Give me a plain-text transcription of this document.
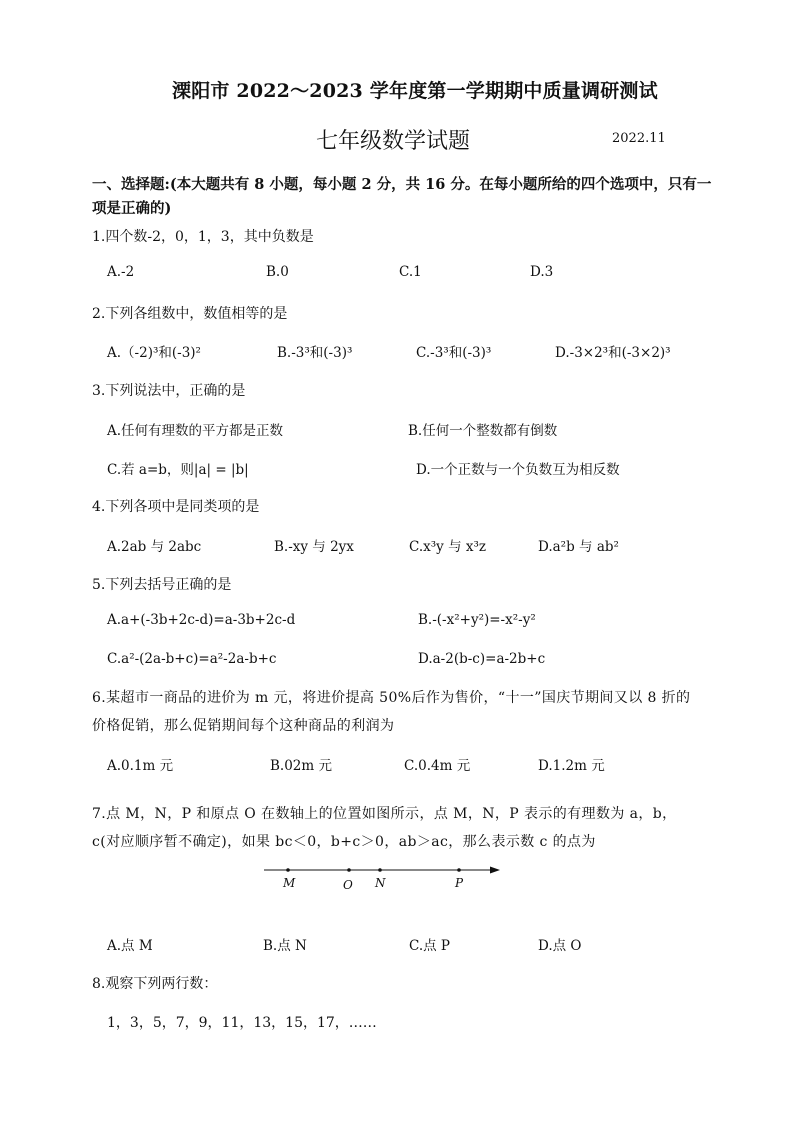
溧阳市 2022～2023 学年度第一学期期中质量调研测试
七年级数学试题	2022.11
一、选择题:(本大题共有 8 小题，每小题 2 分，共 16 分。在每小题所给的四个选项中，只有一项是正确的)
1.四个数-2，0，1，3，其中负数是
A.-2	B.0	C.1	D.3
2.下列各组数中，数值相等的是
A.（-2)³和(-3)²	B.-3³和(-3)³	C.-3³和(-3)³	D.-3×2³和(-3×2)³
3.下列说法中，正确的是
A.任何有理数的平方都是正数	B.任何一个整数都有倒数
C.若 a=b，则|a| = |b|	D.一个正数与一个负数互为相反数
4.下列各项中是同类项的是
A.2ab 与 2abc	B.-xy 与 2yx	C.x³y 与 x³z	D.a²b 与 ab²
5.下列去括号正确的是
A.a+(-3b+2c-d)=a-3b+2c-d	B.-(-x²+y²)=-x²-y²
C.a²-(2a-b+c)=a²-2a-b+c	D.a-2(b-c)=a-2b+c
6.某超市一商品的进价为 m 元，将进价提高 50%后作为售价，“十一”国庆节期间又以 8 折的价格促销，那么促销期间每个这种商品的利润为
A.0.1m 元	B.02m 元	C.0.4m 元	D.1.2m 元
7.点 M，N，P 和原点 O 在数轴上的位置如图所示，点 M，N，P 表示的有理数为 a，b，c(对应顺序暂不确定)，如果 bc＜0，b+c＞0，ab＞ac，那么表示数 c 的点为
M	O N	P
A.点 M	B.点 N	C.点 P	D.点 O
8.观察下列两行数：
1，3，5，7，9，11，13，15，17，……
